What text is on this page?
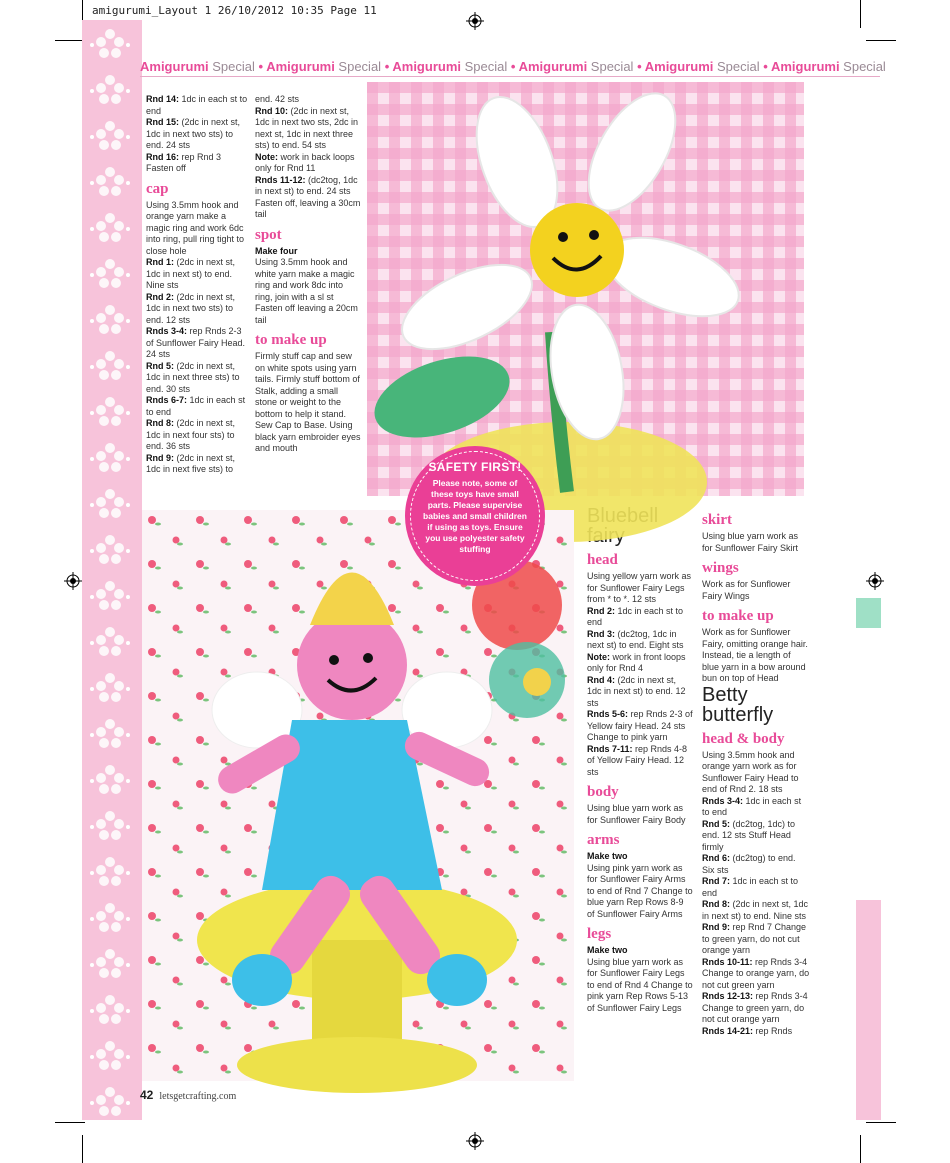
amigurumi_Layout 1 26/10/2012 10:35 Page 11
Amigurumi Special • Amigurumi Special • Amigurumi Special • Amigurumi Special • Amigurumi Special • Amigurumi Special

Rnd 14: 1dc in each st to end

Rnd 15: (2dc in next st, 1dc in next two sts) to end. 24 sts

Rnd 16: rep Rnd 3 Fasten off

cap

Using 3.5mm hook and orange yarn make a magic ring and work 6dc into ring, pull ring tight to close hole

Rnd 1: (2dc in next st, 1dc in next st) to end. Nine sts

Rnd 2: (2dc in next st, 1dc in next two sts) to end. 12 sts

Rnds 3-4: rep Rnds 2-3 of Sunflower Fairy Head. 24 sts

Rnd 5: (2dc in next st, 1dc in next three sts) to end. 30 sts

Rnds 6-7: 1dc in each st to end

Rnd 8: (2dc in next st, 1dc in next four sts) to end. 36 sts

Rnd 9: (2dc in next st, 1dc in next five sts) to

end. 42 sts

Rnd 10: (2dc in next st, 1dc in next two sts, 2dc in next st, 1dc in next three sts) to end. 54 sts

Note: work in back loops only for Rnd 11

Rnds 11-12: (dc2tog, 1dc in next st) to end. 24 sts Fasten off, leaving a 30cm tail

spot

Make four

Using 3.5mm hook and white yarn make a magic ring and work 8dc into ring, join with a sl st Fasten off leaving a 20cm tail

to make up

Firmly stuff cap and sew on white spots using yarn tails. Firmly stuff bottom of Stalk, adding a small stone or weight to the bottom to help it stand. Sew Cap to Base. Using black yarn embroider eyes and mouth

head

Using yellow yarn work as for Sunflower Fairy Legs from * to *. 12 sts

Rnd 2: 1dc in each st to end

Rnd 3: (dc2tog, 1dc in next st) to end. Eight sts

Note: work in front loops only for Rnd 4

Rnd 4: (2dc in next st, 1dc in next st) to end. 12 sts

Rnds 5-6: rep Rnds 2-3 of Yellow fairy Head. 24 sts Change to pink yarn

Rnds 7-11: rep Rnds 4-8 of Yellow Fairy Head. 12 sts

body

Using blue yarn work as for Sunflower Fairy Body

arms

Make two

Using pink yarn work as for Sunflower Fairy Arms to end of Rnd 7 Change to blue yarn Rep Rows 8-9 of Sunflower Fairy Arms

legs

Make two

Using blue yarn work as for Sunflower Fairy Legs to end of Rnd 4 Change to pink yarn Rep Rows 5-13 of Sunflower Fairy Legs

skirt

Using blue yarn work as for Sunflower Fairy Skirt

wings

Work as for Sunflower Fairy Wings

to make up

Work as for Sunflower Fairy, omitting orange hair. Instead, tie a length of blue yarn in a bow around bun on top of Head

Betty butterfly
head & body

Using 3.5mm hook and orange yarn work as for Sunflower Fairy Head to end of Rnd 2. 18 sts

Rnds 3-4: 1dc in each st to end

Rnd 5: (dc2tog, 1dc) to end. 12 sts Stuff Head firmly

Rnd 6: (dc2tog) to end. Six sts

Rnd 7: 1dc in each st to end

Rnd 8: (2dc in next st, 1dc in next st) to end. Nine sts

Rnd 9: rep Rnd 7 Change to green yarn, do not cut orange yarn

Rnds 10-11: rep Rnds 3-4 Change to orange yarn, do not cut green yarn

Rnds 12-13: rep Rnds 3-4 Change to green yarn, do not cut orange yarn

Rnds 14-21: rep Rnds

SAFETY FIRST!
Please note, some of these toys have small parts. Please supervise babies and small children if using as toys. Ensure you use polyester safety stuffing
42 letsgetcrafting.com
